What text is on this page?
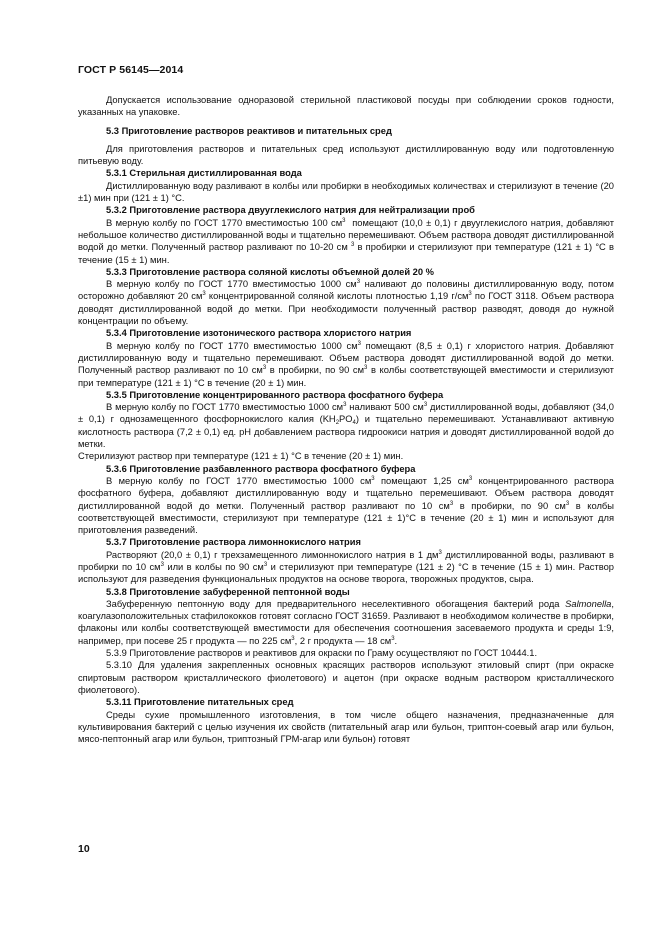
ГОСТ Р 56145—2014

Допускается использование одноразовой стерильной пластиковой посуды при соблюдении сроков годности, указанных на упаковке.

5.3 Приготовление растворов реактивов и питательных сред

Для приготовления растворов и питательных сред используют дистиллированную воду или подготовленную питьевую воду.

5.3.1 Стерильная дистиллированная вода

Дистиллированную воду разливают в колбы или пробирки в необходимых количествах и стерилизуют в течение (20 ±1) мин при (121 ± 1) °С.

5.3.2 Приготовление раствора двууглекислого натрия для нейтрализации проб

В мерную колбу по ГОСТ 1770 вместимостью 100 $см^3$ помещают (10,0 ± 0,1) г двууглекислого натрия, добавляют небольшое количество дистиллированной воды и тщательно перемешивают. Объем раствора доводят дистиллированной водой до метки. Полученный раствор разливают по 10-20 см $^3$ в пробирки и стерилизуют при температуре (121 ± 1) °С в течение (15 ± 1) мин.

5.3.3 Приготовление раствора соляной кислоты объемной долей 20 %

В мерную колбу по ГОСТ 1770 вместимостью 1000 $см^3$ наливают до половины дистиллированную воду, потом осторожно добавляют 20 $см^3$ концентрированной соляной кислоты плотностью 1,19 $г/см^3$ по ГОСТ 3118. Объем раствора доводят дистиллированной водой до метки. При необходимости полученный раствор разводят, доводя до нужной концентрации по объему.

5.3.4 Приготовление изотонического раствора хлористого натрия

В мерную колбу по ГОСТ 1770 вместимостью 1000 $см^3$ помещают (8,5 ± 0,1) г хлористого натрия. Добавляют дистиллированную воду и тщательно перемешивают. Объем раствора доводят дистиллированной водой до метки. Полученный раствор разливают по 10 $см^3$ в пробирки, по 90 $см^3$ в колбы соответствующей вместимости и стерилизуют при температуре (121 ± 1) °С в течение (20 ± 1) мин.

5.3.5 Приготовление концентрированного раствора фосфатного буфера

В мерную колбу по ГОСТ 1770 вместимостью 1000 $см^3$ наливают 500 $см^3$ дистиллированной воды, добавляют (34,0 ± 0,1) г однозамещенного фосфорнокислого калия $(KH_2PO_4)$ и тщательно перемешивают. Устанавливают активную кислотность раствора (7,2 ± 0,1) ед. рН добавлением раствора гидроокиси натрия и доводят дистиллированной водой до метки.

Стерилизуют раствор при температуре (121 ± 1) °С в течение (20 ± 1) мин.

5.3.6 Приготовление разбавленного раствора фосфатного буфера

В мерную колбу по ГОСТ 1770 вместимостью 1000 $см^3$ помещают 1,25 $см^3$ концентрированного раствора фосфатного буфера, добавляют дистиллированную воду и тщательно перемешивают. Объем раствора доводят дистиллированной водой до метки. Полученный раствор разливают по 10 $см^3$ в пробирки, по 90 $см^3$ в колбы соответствующей вместимости, стерилизуют при температуре (121 ± 1)°С в течение (20 ± 1) мин и используют для приготовления разведений.

5.3.7 Приготовление раствора лимоннокислого натрия

Растворяют (20,0 ± 0,1) г трехзамещенного лимоннокислого натрия в 1 $дм^3$ дистиллированной воды, разливают в пробирки по 10 $см^3$ или в колбы по 90 $см^3$ и стерилизуют при температуре (121 ± 2) °С в течение (15 ± 1) мин. Раствор используют для разведения функциональных продуктов на основе творога, творожных продуктов, сыра.

5.3.8 Приготовление забуференной пептонной воды

Забуференную пептонную воду для предварительного неселективного обогащения бактерий рода Salmonella, коагулазоположительных стафилококков готовят согласно ГОСТ 31659. Разливают в необходимом количестве в пробирки, флаконы или колбы соответствующей вместимости для обеспечения соотношения засеваемого продукта и среды 1:9, например, при посеве 25 г продукта — по 225 $см^3$, 2 г продукта — 18 $см^3$.

5.3.9 Приготовление растворов и реактивов для окраски по Граму осуществляют по ГОСТ 10444.1.

5.3.10 Для удаления закрепленных основных красящих растворов используют этиловый спирт (при окраске спиртовым раствором кристаллического фиолетового) и ацетон (при окраске водным раствором кристаллического фиолетового).

5.3.11 Приготовление питательных сред

Среды сухие промышленного изготовления, в том числе общего назначения, предназначенные для культивирования бактерий с целью изучения их свойств (питательный агар или бульон, триптон-соевый агар или бульон, мясо-пептонный агар или бульон, триптозный ГРМ-агар или бульон) готовят

10
